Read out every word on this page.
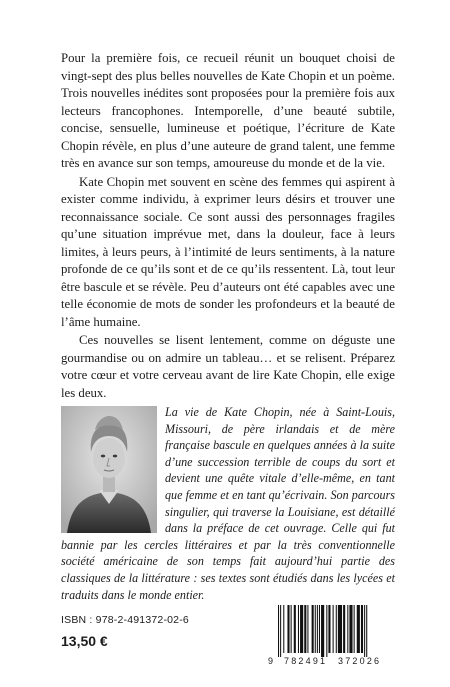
Pour la première fois, ce recueil réunit un bouquet choisi de vingt-sept des plus belles nouvelles de Kate Chopin et un poème. Trois nouvelles inédites sont proposées pour la première fois aux lecteurs francophones. Intemporelle, d’une beauté subtile, concise, sensuelle, lumineuse et poétique, l’écriture de Kate Chopin révèle, en plus d’une auteure de grand talent, une femme très en avance sur son temps, amoureuse du monde et de la vie.

Kate Chopin met souvent en scène des femmes qui aspirent à exister comme individu, à exprimer leurs désirs et trouver une reconnaissance sociale. Ce sont aussi des personnages fragiles qu’une situation imprévue met, dans la douleur, face à leurs limites, à leurs peurs, à l’intimité de leurs sentiments, à la nature profonde de ce qu’ils sont et de ce qu’ils ressentent. Là, tout leur être bascule et se révèle. Peu d’auteurs ont été capables avec une telle économie de mots de sonder les profondeurs et la beauté de l’âme humaine.

Ces nouvelles se lisent lentement, comme on déguste une gourmandise ou on admire un tableau… et se relisent. Préparez votre cœur et votre cerveau avant de lire Kate Chopin, elle exige les deux.

La vie de Kate Chopin, née à Saint-Louis, Missouri, de père irlandais et de mère française bascule en quelques années à la suite d’une succession terrible de coups du sort et devient une quête vitale d’elle-même, en tant que femme et en tant qu’écrivain. Son parcours singulier, qui traverse la Louisiane, est détaillé dans la préface de cet ouvrage. Celle qui fut bannie par les cercles littéraires et par la très conventionnelle société américaine de son temps fait aujourd’hui partie des classiques de la littérature : ses textes sont étudiés dans les lycées et traduits dans le monde entier.

ISBN : 978-2-491372-02-6
13,50 €
9 782491 372026
